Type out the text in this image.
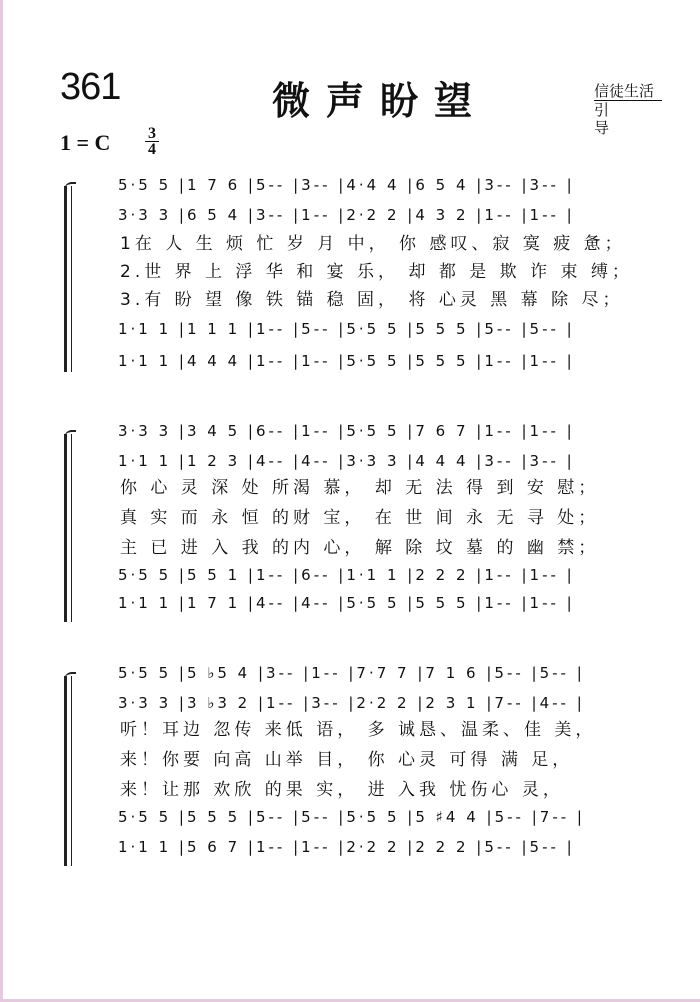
361	微声盼望	信徒生活
引导
1 = C $\frac{3}{4}$
5·5 5 |1 7 6 |5-- |3-- |4·4 4 |6 5 4 |3-- |3-- |
3·3 3 |6 5 4 |3-- |1-- |2·2 2 |4 3 2 |1-- |1-- |
1在 人 生 烦 忙 岁 月 中， 你 感叹、寂 寞 疲 惫；
2.世 界 上 浮 华 和 宴 乐， 却 都 是 欺 诈 束 缚；
3.有 盼 望 像 铁 锚 稳 固， 将 心灵 黑 幕 除 尽；
1·1 1 |1 1 1 |1-- |5-- |5·5 5 |5 5 5 |5-- |5-- |
1·1 1 |4 4 4 |1-- |1-- |5·5 5 |5 5 5 |1-- |1-- |
3·3 3 |3 4 5 |6-- |1-- |5·5 5 |7 6 7 |1-- |1-- |
1·1 1 |1 2 3 |4-- |4-- |3·3 3 |4 4 4 |3-- |3-- |
你 心 灵 深 处 所渴 慕， 却 无 法 得 到 安 慰；
真 实 而 永 恒 的财 宝， 在 世 间 永 无 寻 处；
主 已 进 入 我 的内 心， 解 除 坟 墓 的 幽 禁；
5·5 5 |5 5 1 |1-- |6-- |1·1 1 |2 2 2 |1-- |1-- |
1·1 1 |1 7 1 |4-- |4-- |5·5 5 |5 5 5 |1-- |1-- |
5·5 5 |5 ♭5 4 |3-- |1-- |7·7 7 |7 1 6 |5-- |5-- |
3·3 3 |3 ♭3 2 |1-- |3-- |2·2 2 |2 3 1 |7-- |4-- |
听！耳边 忽传 来低 语， 多 诚恳、温柔、佳 美，
来！你要 向高 山举 目， 你 心灵 可得 满 足，
来！让那 欢欣 的果 实， 进 入我 忧伤心 灵，
5·5 5 |5 5 5 |5-- |5-- |5·5 5 |5 ♯4 4 |5-- |7-- |
1·1 1 |5 6 7 |1-- |1-- |2·2 2 |2 2 2 |5-- |5-- |
